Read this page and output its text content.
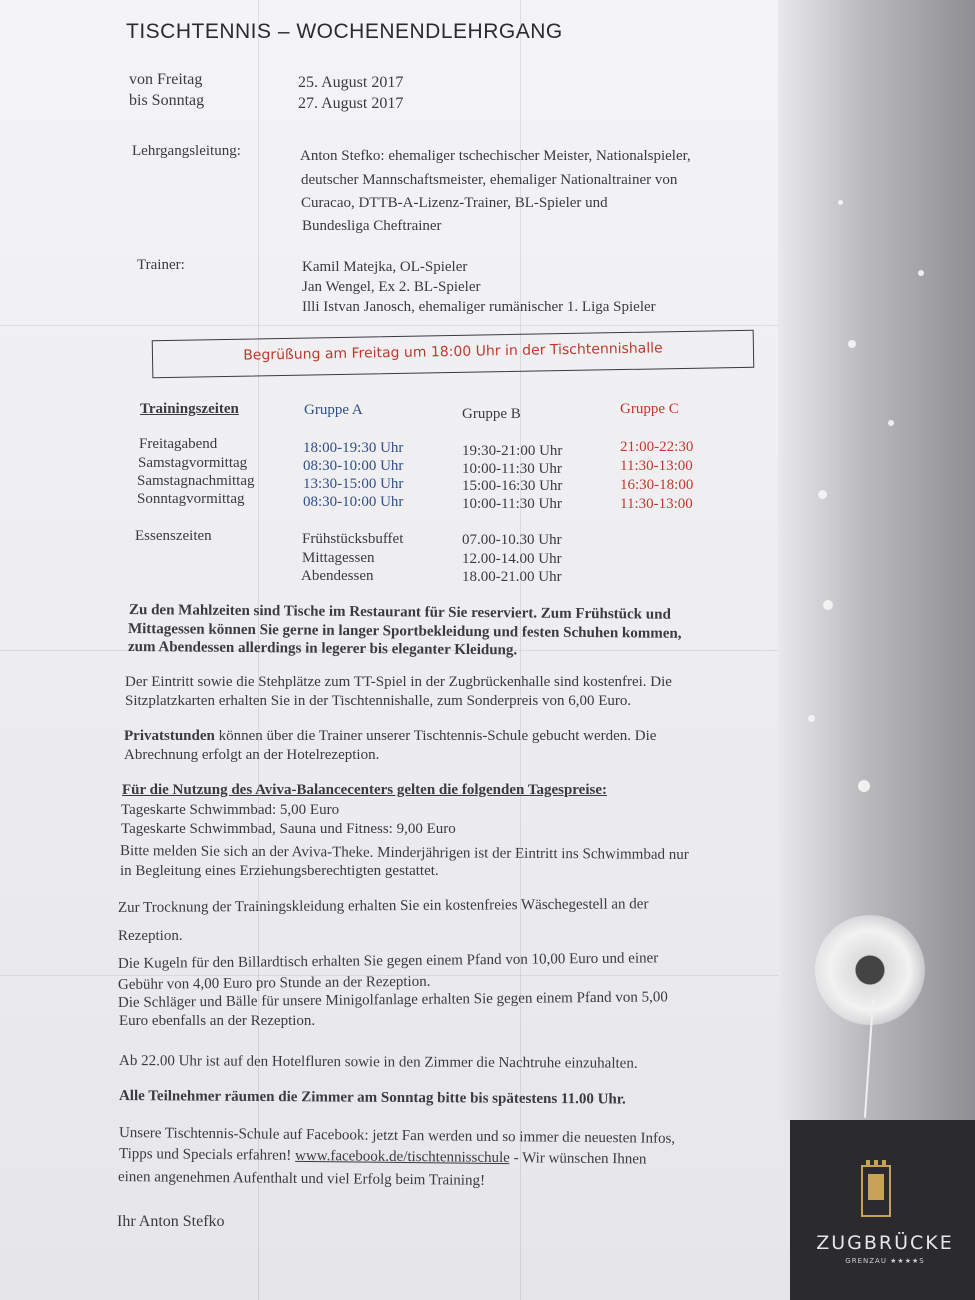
ZUGBRÜCKE
GRENZAU ★★★★S
TISCHTENNIS – WOCHENENDLEHRGANG
von Freitag	25. August 2017
bis Sonntag	27. August 2017
Lehrgangsleitung:	Anton Stefko: ehemaliger tschechischer Meister, Nationalspieler,
deutscher Mannschaftsmeister, ehemaliger Nationaltrainer von
Curacao, DTTB-A-Lizenz-Trainer, BL-Spieler und
Bundesliga Cheftrainer
Trainer:	Kamil Matejka, OL-Spieler
Jan Wengel, Ex 2. BL-Spieler
Illi Istvan Janosch, ehemaliger rumänischer 1. Liga Spieler
Begrüßung am Freitag um 18:00 Uhr in der Tischtennishalle
Trainingszeiten	Gruppe A	Gruppe B	Gruppe C
Freitagabend	18:00-19:30 Uhr	19:30-21:00 Uhr	21:00-22:30
Samstagvormittag	08:30-10:00 Uhr	10:00-11:30 Uhr	11:30-13:00
Samstagnachmittag	13:30-15:00 Uhr	15:00-16:30 Uhr	16:30-18:00
Sonntagvormittag	08:30-10:00 Uhr	10:00-11:30 Uhr	11:30-13:00
Essenszeiten	Frühstücksbuffet	07.00-10.30 Uhr
Mittagessen	12.00-14.00 Uhr
Abendessen	18.00-21.00 Uhr
Zu den Mahlzeiten sind Tische im Restaurant für Sie reserviert. Zum Frühstück und
Mittagessen können Sie gerne in langer Sportbekleidung und festen Schuhen kommen,
zum Abendessen allerdings in legerer bis eleganter Kleidung.
Der Eintritt sowie die Stehplätze zum TT-Spiel in der Zugbrückenhalle sind kostenfrei. Die
Sitzplatzkarten erhalten Sie in der Tischtennishalle, zum Sonderpreis von 6,00 Euro.
Privatstunden können über die Trainer unserer Tischtennis-Schule gebucht werden. Die
Abrechnung erfolgt an der Hotelrezeption.
Für die Nutzung des Aviva-Balancecenters gelten die folgenden Tagespreise:
Tageskarte Schwimmbad: 5,00 Euro
Tageskarte Schwimmbad, Sauna und Fitness: 9,00 Euro
Bitte melden Sie sich an der Aviva-Theke. Minderjährigen ist der Eintritt ins Schwimmbad nur
in Begleitung eines Erziehungsberechtigten gestattet.
Zur Trocknung der Trainingskleidung erhalten Sie ein kostenfreies Wäschegestell an der
Rezeption.
Die Kugeln für den Billardtisch erhalten Sie gegen einem Pfand von 10,00 Euro und einer
Gebühr von 4,00 Euro pro Stunde an der Rezeption.
Die Schläger und Bälle für unsere Minigolfanlage erhalten Sie gegen einem Pfand von 5,00
Euro ebenfalls an der Rezeption.
Ab 22.00 Uhr ist auf den Hotelfluren sowie in den Zimmer die Nachtruhe einzuhalten.
Alle Teilnehmer räumen die Zimmer am Sonntag bitte bis spätestens 11.00 Uhr.
Unsere Tischtennis-Schule auf Facebook: jetzt Fan werden und so immer die neuesten Infos,
Tipps und Specials erfahren! www.facebook.de/tischtennisschule - Wir wünschen Ihnen
einen angenehmen Aufenthalt und viel Erfolg beim Training!
Ihr Anton Stefko
